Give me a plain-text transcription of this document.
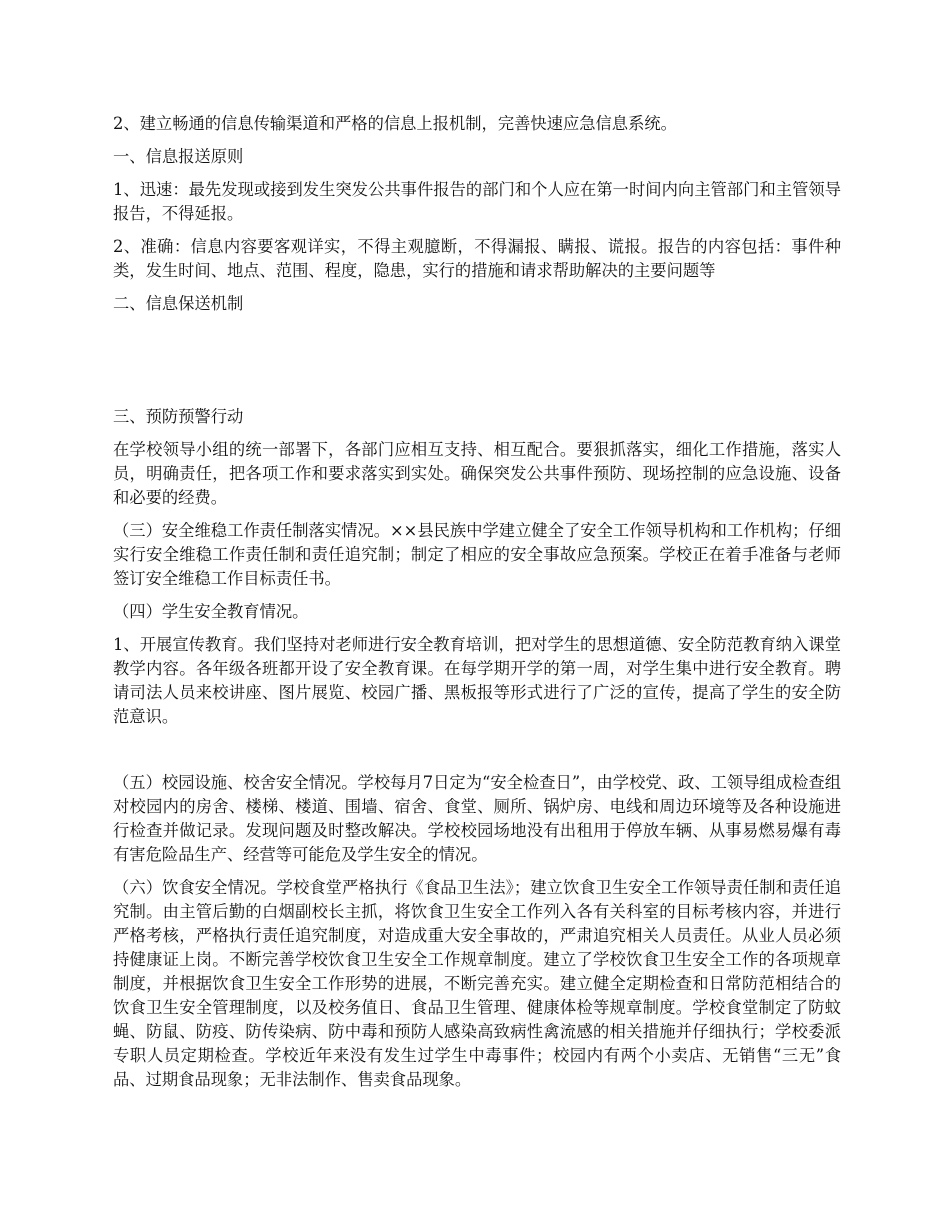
2、建立畅通的信息传输渠道和严格的信息上报机制，完善快速应急信息系统。

一、信息报送原则

1、迅速：最先发现或接到发生突发公共事件报告的部门和个人应在第一时间内向主管部门和主管领导报告，不得延报。

2、准确：信息内容要客观详实，不得主观臆断，不得漏报、瞒报、谎报。报告的内容包括：事件种类，发生时间、地点、范围、程度，隐患，实行的措施和请求帮助解决的主要问题等

二、信息保送机制

三、预防预警行动

在学校领导小组的统一部署下，各部门应相互支持、相互配合。要狠抓落实，细化工作措施，落实人员，明确责任，把各项工作和要求落实到实处。确保突发公共事件预防、现场控制的应急设施、设备和必要的经费。

（三）安全维稳工作责任制落实情况。××县民族中学建立健全了安全工作领导机构和工作机构；仔细实行安全维稳工作责任制和责任追究制；制定了相应的安全事故应急预案。学校正在着手准备与老师签订安全维稳工作目标责任书。

（四）学生安全教育情况。

1、开展宣传教育。我们坚持对老师进行安全教育培训，把对学生的思想道德、安全防范教育纳入课堂教学内容。各年级各班都开设了安全教育课。在每学期开学的第一周，对学生集中进行安全教育。聘请司法人员来校讲座、图片展览、校园广播、黑板报等形式进行了广泛的宣传，提高了学生的安全防范意识。

（五）校园设施、校舍安全情况。学校每月7日定为“安全检查日”，由学校党、政、工领导组成检查组对校园内的房舍、楼梯、楼道、围墙、宿舍、食堂、厕所、锅炉房、电线和周边环境等及各种设施进行检查并做记录。发现问题及时整改解决。学校校园场地没有出租用于停放车辆、从事易燃易爆有毒有害危险品生产、经营等可能危及学生安全的情况。

（六）饮食安全情况。学校食堂严格执行《食品卫生法》；建立饮食卫生安全工作领导责任制和责任追究制。由主管后勤的白烟副校长主抓，将饮食卫生安全工作列入各有关科室的目标考核内容，并进行严格考核，严格执行责任追究制度，对造成重大安全事故的，严肃追究相关人员责任。从业人员必须持健康证上岗。不断完善学校饮食卫生安全工作规章制度。建立了学校饮食卫生安全工作的各项规章制度，并根据饮食卫生安全工作形势的进展，不断完善充实。建立健全定期检查和日常防范相结合的饮食卫生安全管理制度，以及校务值日、食品卫生管理、健康体检等规章制度。学校食堂制定了防蚊蝇、防鼠、防疫、防传染病、防中毒和预防人感染高致病性禽流感的相关措施并仔细执行；学校委派专职人员定期检查。学校近年来没有发生过学生中毒事件；校园内有两个小卖店、无销售“三无”食品、过期食品现象；无非法制作、售卖食品现象。
